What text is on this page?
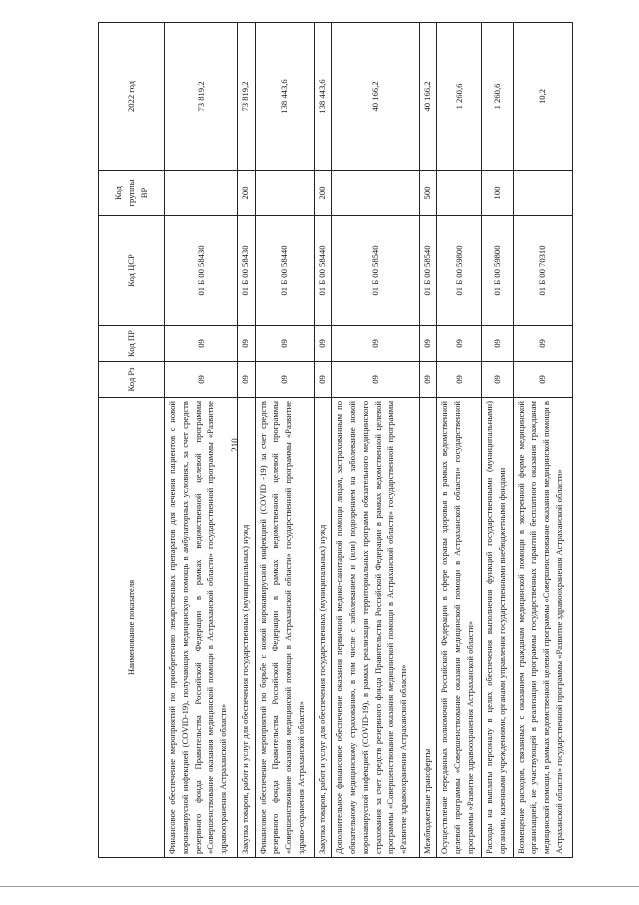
210
Наименование показателя	Код Рз	Код ПР	Код ЦСР	Код группы ВР	2022 год
Финансовое обеспечение мероприятий по приобретению лекарственных препаратов для лечения пациентов с новой коронавирусной инфекцией (COVID-19), получающих медицинскую помощь в амбулаторных условиях, за счет средств резервного фонда Правительства Российской Федерации в рамках ведомственной целевой программы «Совершенствование оказания медицинской помощи в Астраханской области» государственной программы «Развитие здравоохранения Астраханской области»	09	09	01 Б 00 58430		73 819,2
Закупка товаров, работ и услуг для обеспечения государственных (муниципальных) нужд	09	09	01 Б 00 58430	200	73 819,2
Финансовое обеспечение мероприятий по борьбе с новой коронавирусной инфекцией (COVID -19) за счет средств резервного фонда Правительства Российской Федерации в рамках ведомственной целевой программы «Совершенствование оказания медицинской помощи в Астраханской области» государственной программы «Развитие здраво-охранения Астраханской области»	09	09	01 Б 00 58440		138 443,6
Закупка товаров, работ и услуг для обеспечения государственных (муниципальных) нужд	09	09	01 Б 00 58440	200	138 443,6
Дополнительное финансовое обеспечение оказания первичной медико-санитарной помощи лицам, застрахованным по обязательному медицинскому страхованию, в том числе с заболеванием и (или) подозрением на заболевание новой коронавирусной инфекцией (COVID-19), в рамках реализации территориальных программ обязательного медицинского страхования за счет средств резервного фонда Правительства Российской Федерации в рамках ведомственной целевой программы «Совершенствование оказания медицинской помощи в Астраханской области» государственной программы «Развитие здравоохранения Астраханской области»	09	09	01 Б 00 58540		40 166,2
Межбюджетные трансферты	09	09	01 Б 00 58540	500	40 166,2
Осуществление переданных полномочий Российской Федерации в сфере охраны здоровья в рамках ведомственной целевой программы «Совершенствование оказания медицинской помощи в Астраханской области» государственной программы «Развитие здравоохранения Астраханской области»	09	09	01 Б 00 59800		1 260,6
Расходы на выплаты персоналу в целях обеспечения выполнения функций государственными (муниципальными) органами, казенными учреждениями, органами управления государственными внебюджетными фондами	09	09	01 Б 00 59800	100	1 260,6
Возмещение расходов, связанных с оказанием гражданам медицинской помощи в экстренной форме медицинской организацией, не участвующей в реализации программы государственных гарантий бесплатного оказания гражданам медицинской помощи, в рамках ведомственной целевой программы «Совершенствование оказания медицинской помощи в Астраханской области» государственной программы «Развитие здравоохранения Астраханской области»	09	09	01 Б 00 70310		10,2
